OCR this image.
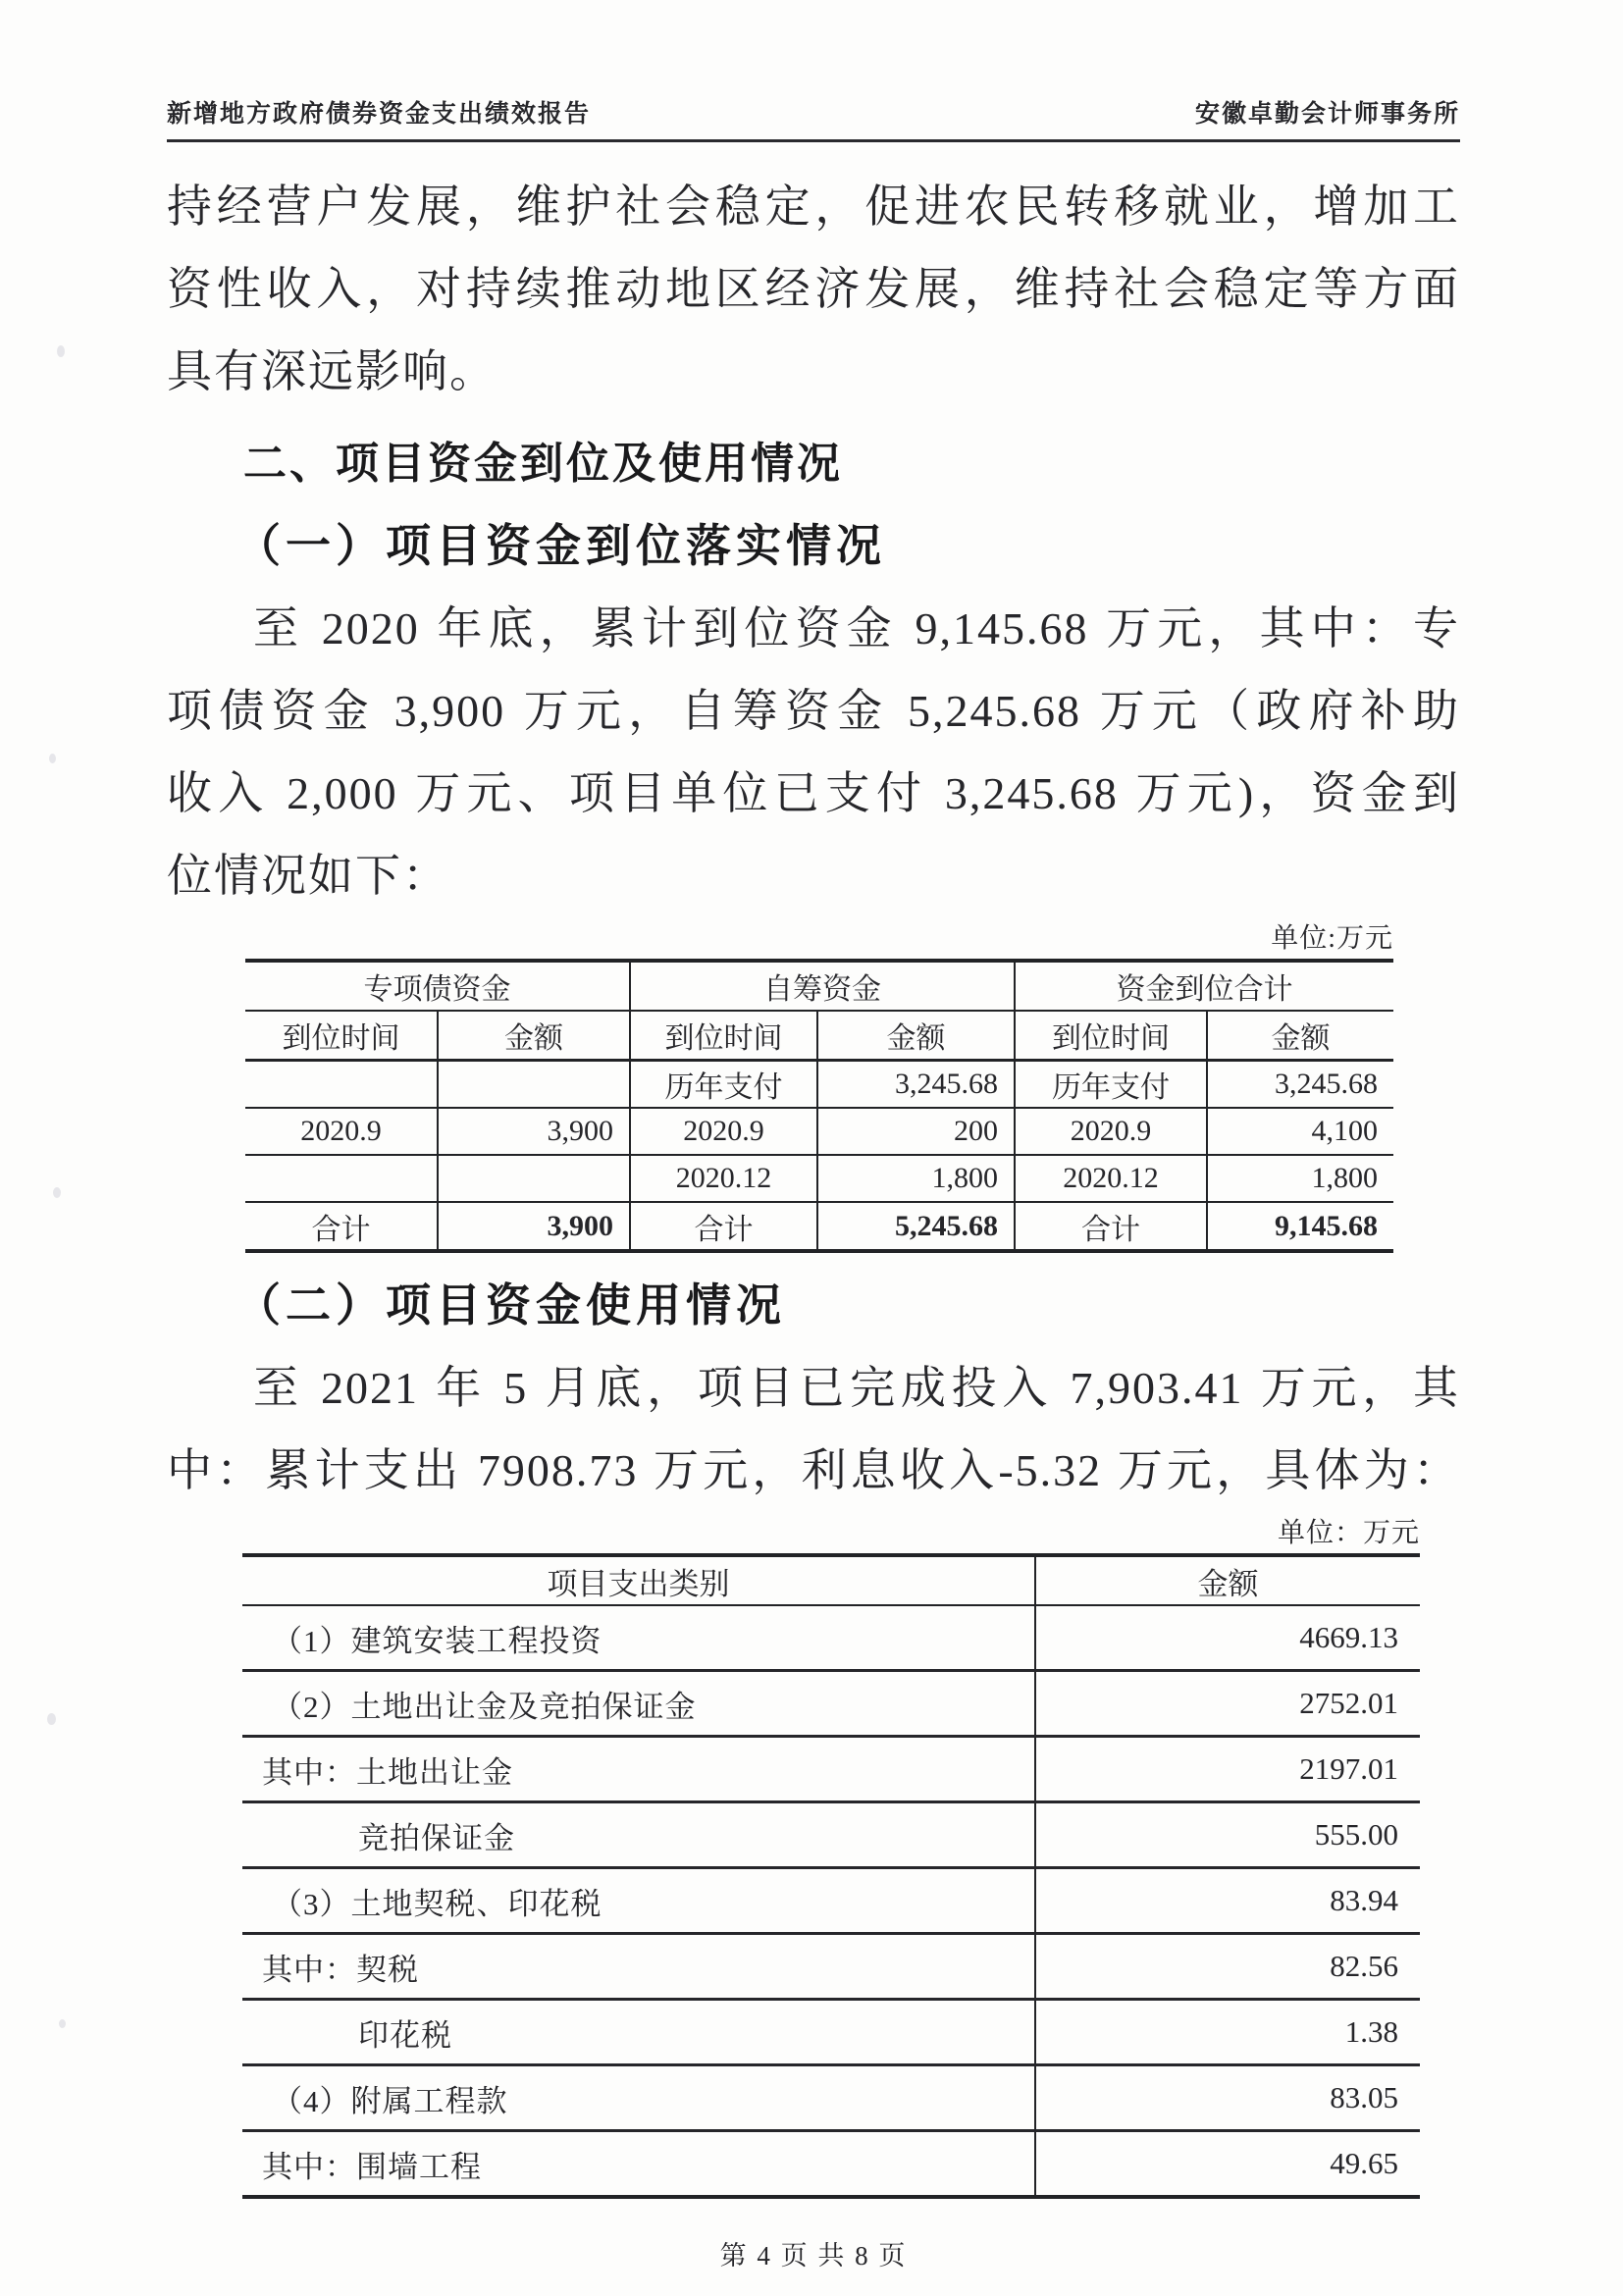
新增地方政府债券资金支出绩效报告	安徽卓勤会计师事务所
持经营户发展，维护社会稳定，促进农民转移就业，增加工
资性收入，对持续推动地区经济发展，维持社会稳定等方面
具有深远影响。
二、项目资金到位及使用情况
（一）项目资金到位落实情况
至 2020 年底，累计到位资金 9,145.68 万元，其中：专
项债资金 3,900 万元，自筹资金 5,245.68 万元（政府补助
收入 2,000 万元、项目单位已支付 3,245.68 万元)，资金到
位情况如下：
单位:万元
专项债资金		自筹资金		资金到位合计	
到位时间	金额	到位时间	金额	到位时间	金额
		历年支付	3,245.68	历年支付	3,245.68
2020.9	3,900	2020.9	200	2020.9	4,100
		2020.12	1,800	2020.12	1,800
合计	3,900	合计	5,245.68	合计	9,145.68
（二）项目资金使用情况
至 2021 年 5 月底，项目已完成投入 7,903.41 万元，其
中：累计支出 7908.73 万元，利息收入-5.32 万元，具体为：
单位：万元
项目支出类别	金额
（1）建筑安装工程投资	4669.13
（2）土地出让金及竞拍保证金	2752.01
其中：土地出让金	2197.01
竞拍保证金	555.00
（3）土地契税、印花税	83.94
其中：契税	82.56
印花税	1.38
（4）附属工程款	83.05
其中：围墙工程	49.65
第 4 页 共 8 页
